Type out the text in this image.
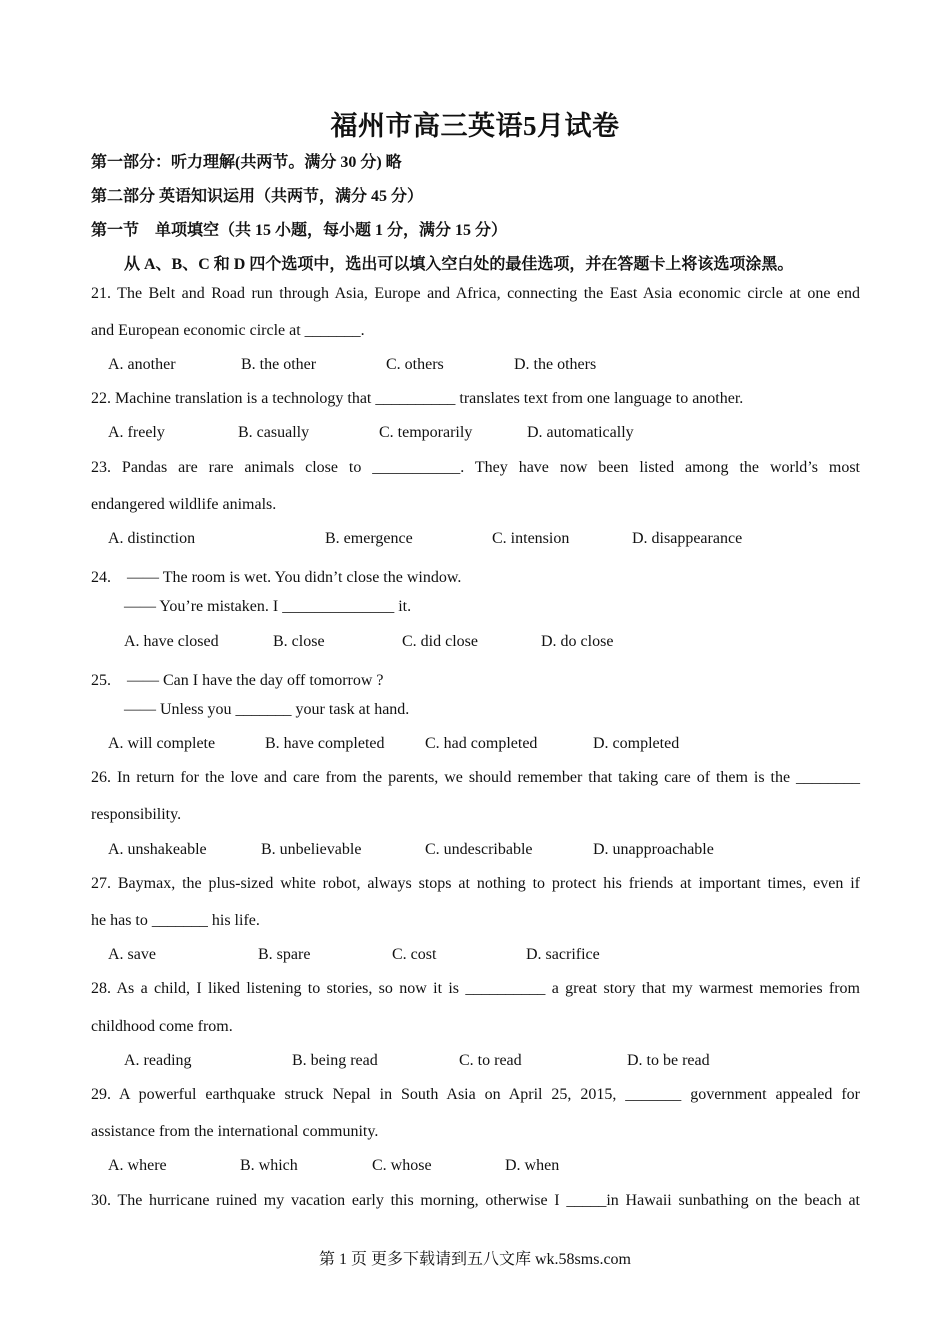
福州市高三英语5月试卷
第一部分：听力理解(共两节。满分 30 分) 略
第二部分 英语知识运用（共两节，满分 45 分）
第一节　单项填空（共 15 小题，每小题 1 分，满分 15 分）
从 A、B、C 和 D 四个选项中，选出可以填入空白处的最佳选项，并在答题卡上将该选项涂黑。
21. The Belt and Road run through Asia, Europe and Africa, connecting the East Asia economic circle at one end
and European economic circle at _______.
A. another	B. the other	C. others	D. the others
22. Machine translation is a technology that __________ translates text from one language to another.
A. freely	B. casually	C. temporarily	D. automatically
23. Pandas are rare animals close to ___________. They have now been listed among the world’s most
endangered wildlife animals.
A. distinction	B. emergence	C. intension	D. disappearance
24.　—— The room is wet. You didn’t close the window.
—— You’re mistaken. I ______________ it.
A. have closed	B. close	C. did close	D. do close
25.　—— Can I have the day off tomorrow ?
—— Unless you _______ your task at hand.
A. will complete	B. have completed	C. had completed	D. completed
26. In return for the love and care from the parents, we should remember that taking care of them is the ________
responsibility.
A. unshakeable	B. unbelievable	C. undescribable	D. unapproachable
27. Baymax, the plus-sized white robot, always stops at nothing to protect his friends at important times, even if
he has to _______ his life.
A. save	B. spare	C. cost	D. sacrifice
28. As a child, I liked listening to stories, so now it is __________ a great story that my warmest memories from
childhood come from.
A. reading	B. being read	C. to read	D. to be read
29. A powerful earthquake struck Nepal in South Asia on April 25, 2015, _______ government appealed for
assistance from the international community.
A. where	B. which	C. whose	D. when
30. The hurricane ruined my vacation early this morning, otherwise I _____in Hawaii sunbathing on the beach at
第 1 页 更多下载请到五八文库 wk.58sms.com
